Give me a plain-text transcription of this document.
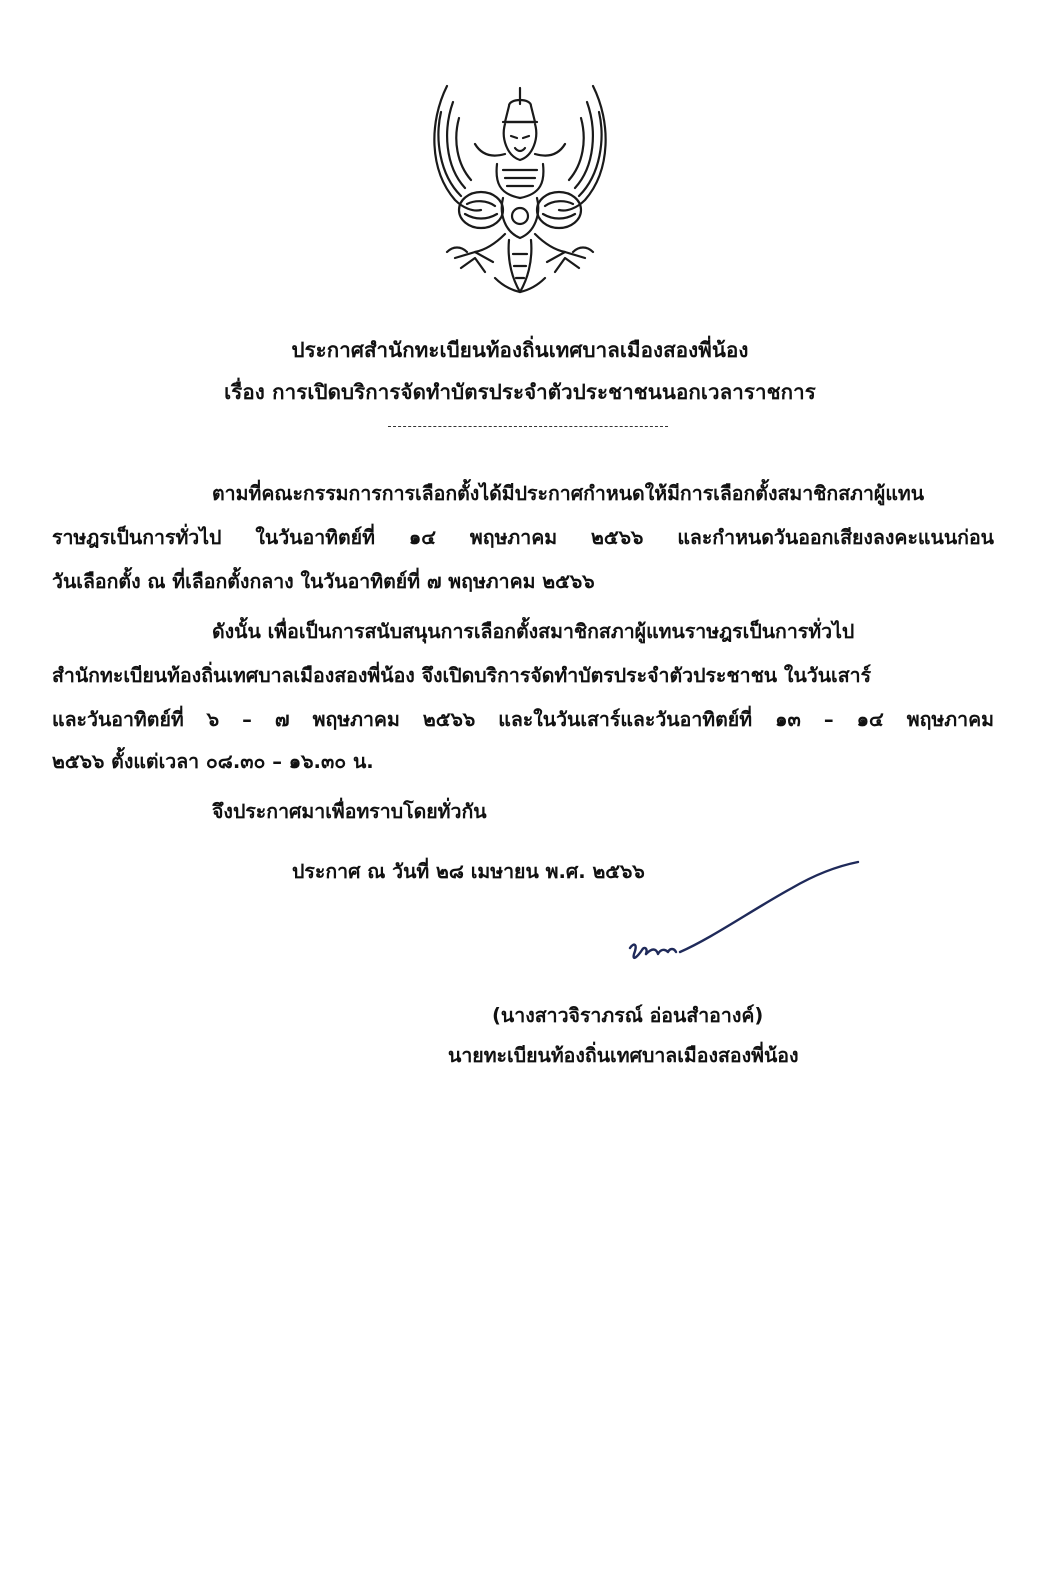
ประกาศสำนักทะเบียนท้องถิ่นเทศบาลเมืองสองพี่น้อง
เรื่อง การเปิดบริการจัดทำบัตรประจำตัวประชาชนนอกเวลาราชการ
ตามที่คณะกรรมการการเลือกตั้งได้มีประกาศกำหนดให้มีการเลือกตั้งสมาชิกสภาผู้แทน
ราษฎรเป็นการทั่วไป ในวันอาทิตย์ที่ ๑๔ พฤษภาคม ๒๕๖๖ และกำหนดวันออกเสียงลงคะแนนก่อน
วันเลือกตั้ง ณ ที่เลือกตั้งกลาง ในวันอาทิตย์ที่ ๗ พฤษภาคม ๒๕๖๖
ดังนั้น เพื่อเป็นการสนับสนุนการเลือกตั้งสมาชิกสภาผู้แทนราษฎรเป็นการทั่วไป
สำนักทะเบียนท้องถิ่นเทศบาลเมืองสองพี่น้อง จึงเปิดบริการจัดทำบัตรประจำตัวประชาชน ในวันเสาร์
และวันอาทิตย์ที่ ๖ – ๗ พฤษภาคม ๒๕๖๖ และในวันเสาร์และวันอาทิตย์ที่ ๑๓ – ๑๔ พฤษภาคม
๒๕๖๖ ตั้งแต่เวลา ๐๘.๓๐ – ๑๖.๓๐ น.
จึงประกาศมาเพื่อทราบโดยทั่วกัน
ประกาศ ณ วันที่ ๒๘ เมษายน พ.ศ. ๒๕๖๖
(นางสาวจิราภรณ์ อ่อนสำอางค์)
นายทะเบียนท้องถิ่นเทศบาลเมืองสองพี่น้อง
